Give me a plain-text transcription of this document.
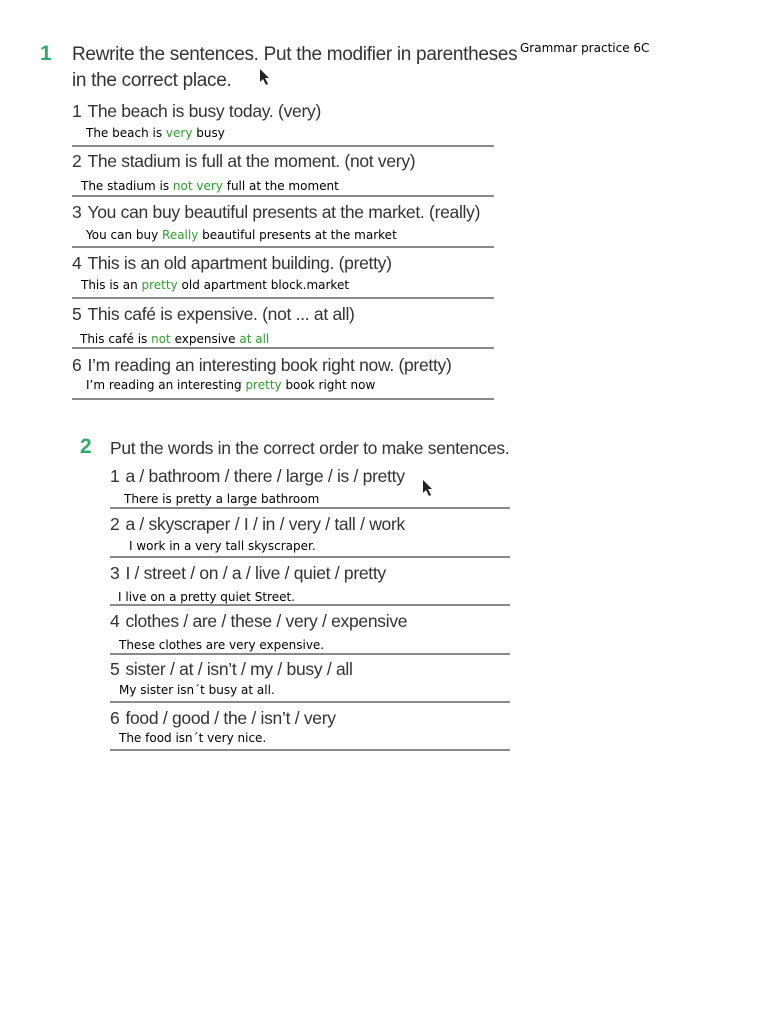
Grammar practice 6C
1 Rewrite the sentences. Put the modifier in parentheses
in the correct place.
1 The beach is busy today. (very)
The beach is very busy
2 The stadium is full at the moment. (not very)
The stadium is not very full at the moment
3 You can buy beautiful presents at the market. (really)
You can buy Really beautiful presents at the market
4 This is an old apartment building. (pretty)
This is an pretty old apartment block.market
5 This café is expensive. (not ... at all)
This café is not expensive at all
6 I’m reading an interesting book right now. (pretty)
I’m reading an interesting pretty book right now
2 Put the words in the correct order to make sentences.
1 a / bathroom / there / large / is / pretty
There is pretty a large bathroom
2 a / skyscraper / I / in / very / tall / work
I work in a very tall skyscraper.
3 I / street / on / a / live / quiet / pretty
I live on a pretty quiet Street.
4 clothes / are / these / very / expensive
These clothes are very expensive.
5 sister / at / isn’t / my / busy / all
My sister isn´t busy at all.
6 food / good / the / isn’t / very
The food isn´t very nice.
